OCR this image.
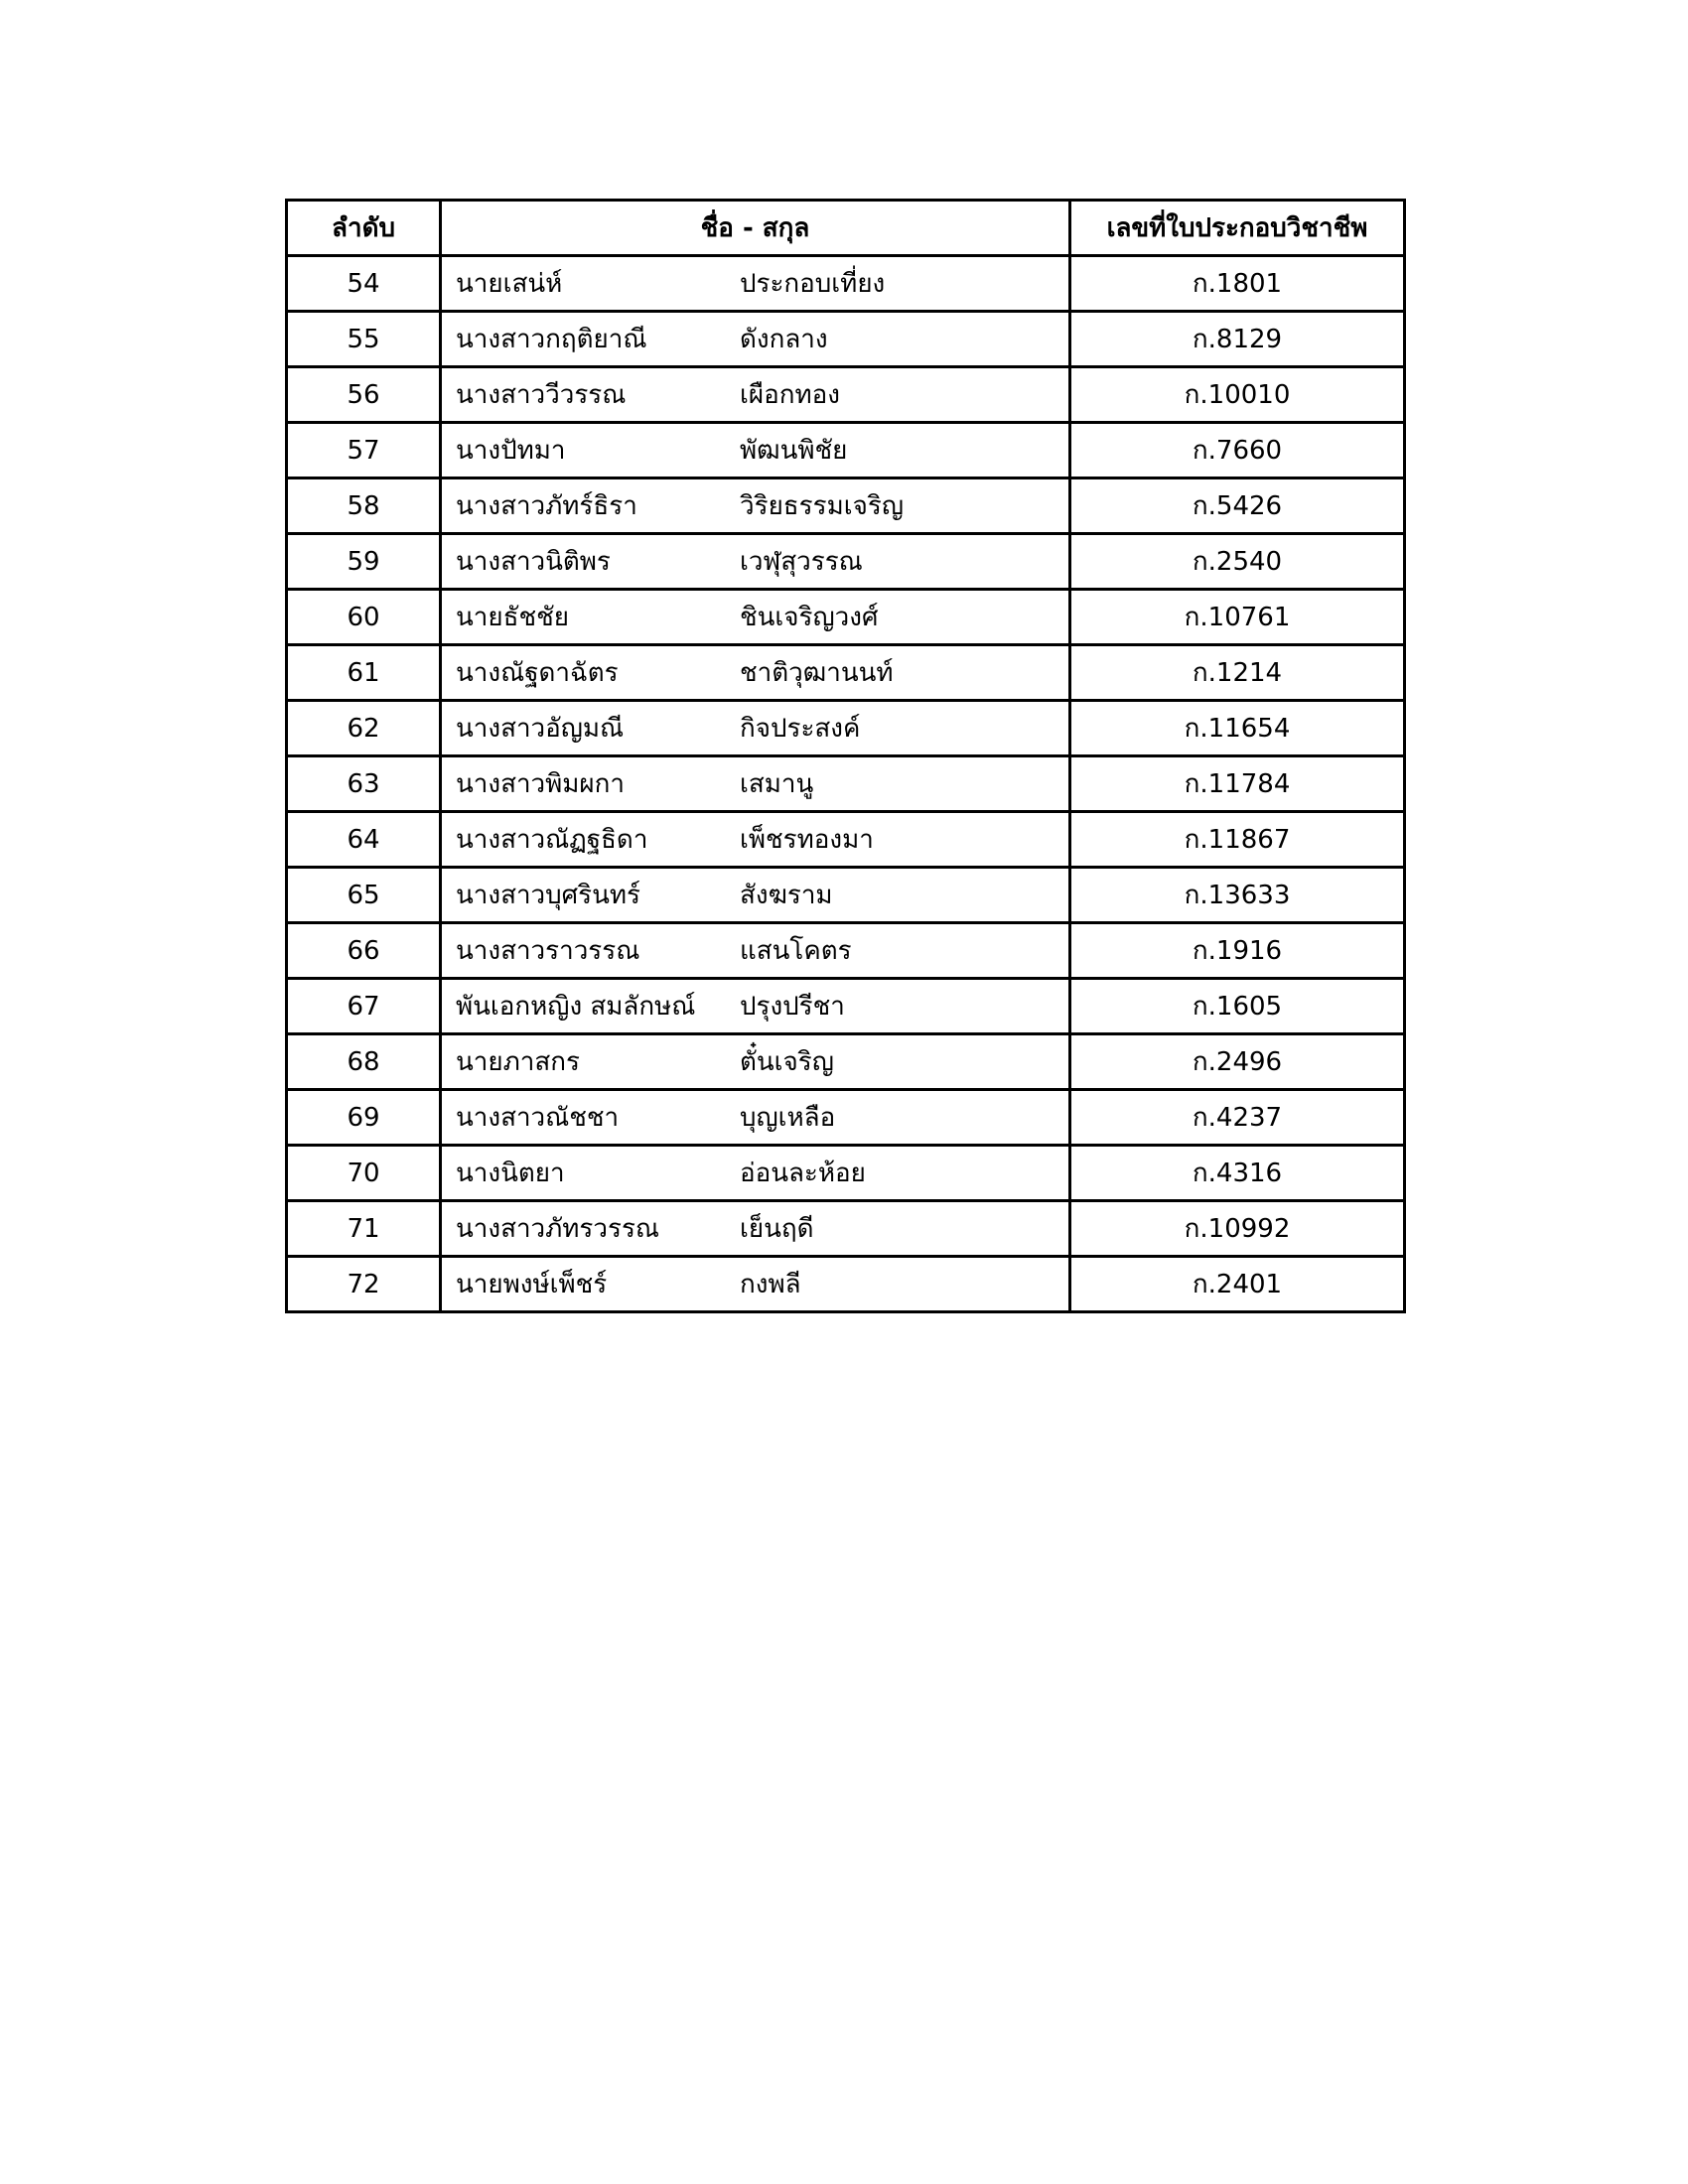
ลำดับ	ชื่อ - สกุล	เลขที่ใบประกอบวิชาชีพ
54	นายเสน่ห์ ประกอบเที่ยง	ก.1801
55	นางสาวกฤติยาณี ดังกลาง	ก.8129
56	นางสาววีวรรณ เผือกทอง	ก.10010
57	นางปัทมา พัฒนพิชัย	ก.7660
58	นางสาวภัทร์ธิรา วิริยธรรมเจริญ	ก.5426
59	นางสาวนิติพร เวฬุสุวรรณ	ก.2540
60	นายธัชชัย ชินเจริญวงศ์	ก.10761
61	นางณัฐดาฉัตร ชาติวุฒานนท์	ก.1214
62	นางสาวอัญมณี กิจประสงค์	ก.11654
63	นางสาวพิมผกา เสมานู	ก.11784
64	นางสาวณัฏฐธิดา เพ็ชรทองมา	ก.11867
65	นางสาวบุศรินทร์ สังฆราม	ก.13633
66	นางสาวราวรรณ แสนโคตร	ก.1916
67	พันเอกหญิง สมลักษณ์ ปรุงปรีชา	ก.1605
68	นายภาสกร ตั๋นเจริญ	ก.2496
69	นางสาวณัชชา บุญเหลือ	ก.4237
70	นางนิตยา อ่อนละห้อย	ก.4316
71	นางสาวภัทรวรรณ เย็นฤดี	ก.10992
72	นายพงษ์เพ็ชร์ กงพลี	ก.2401
